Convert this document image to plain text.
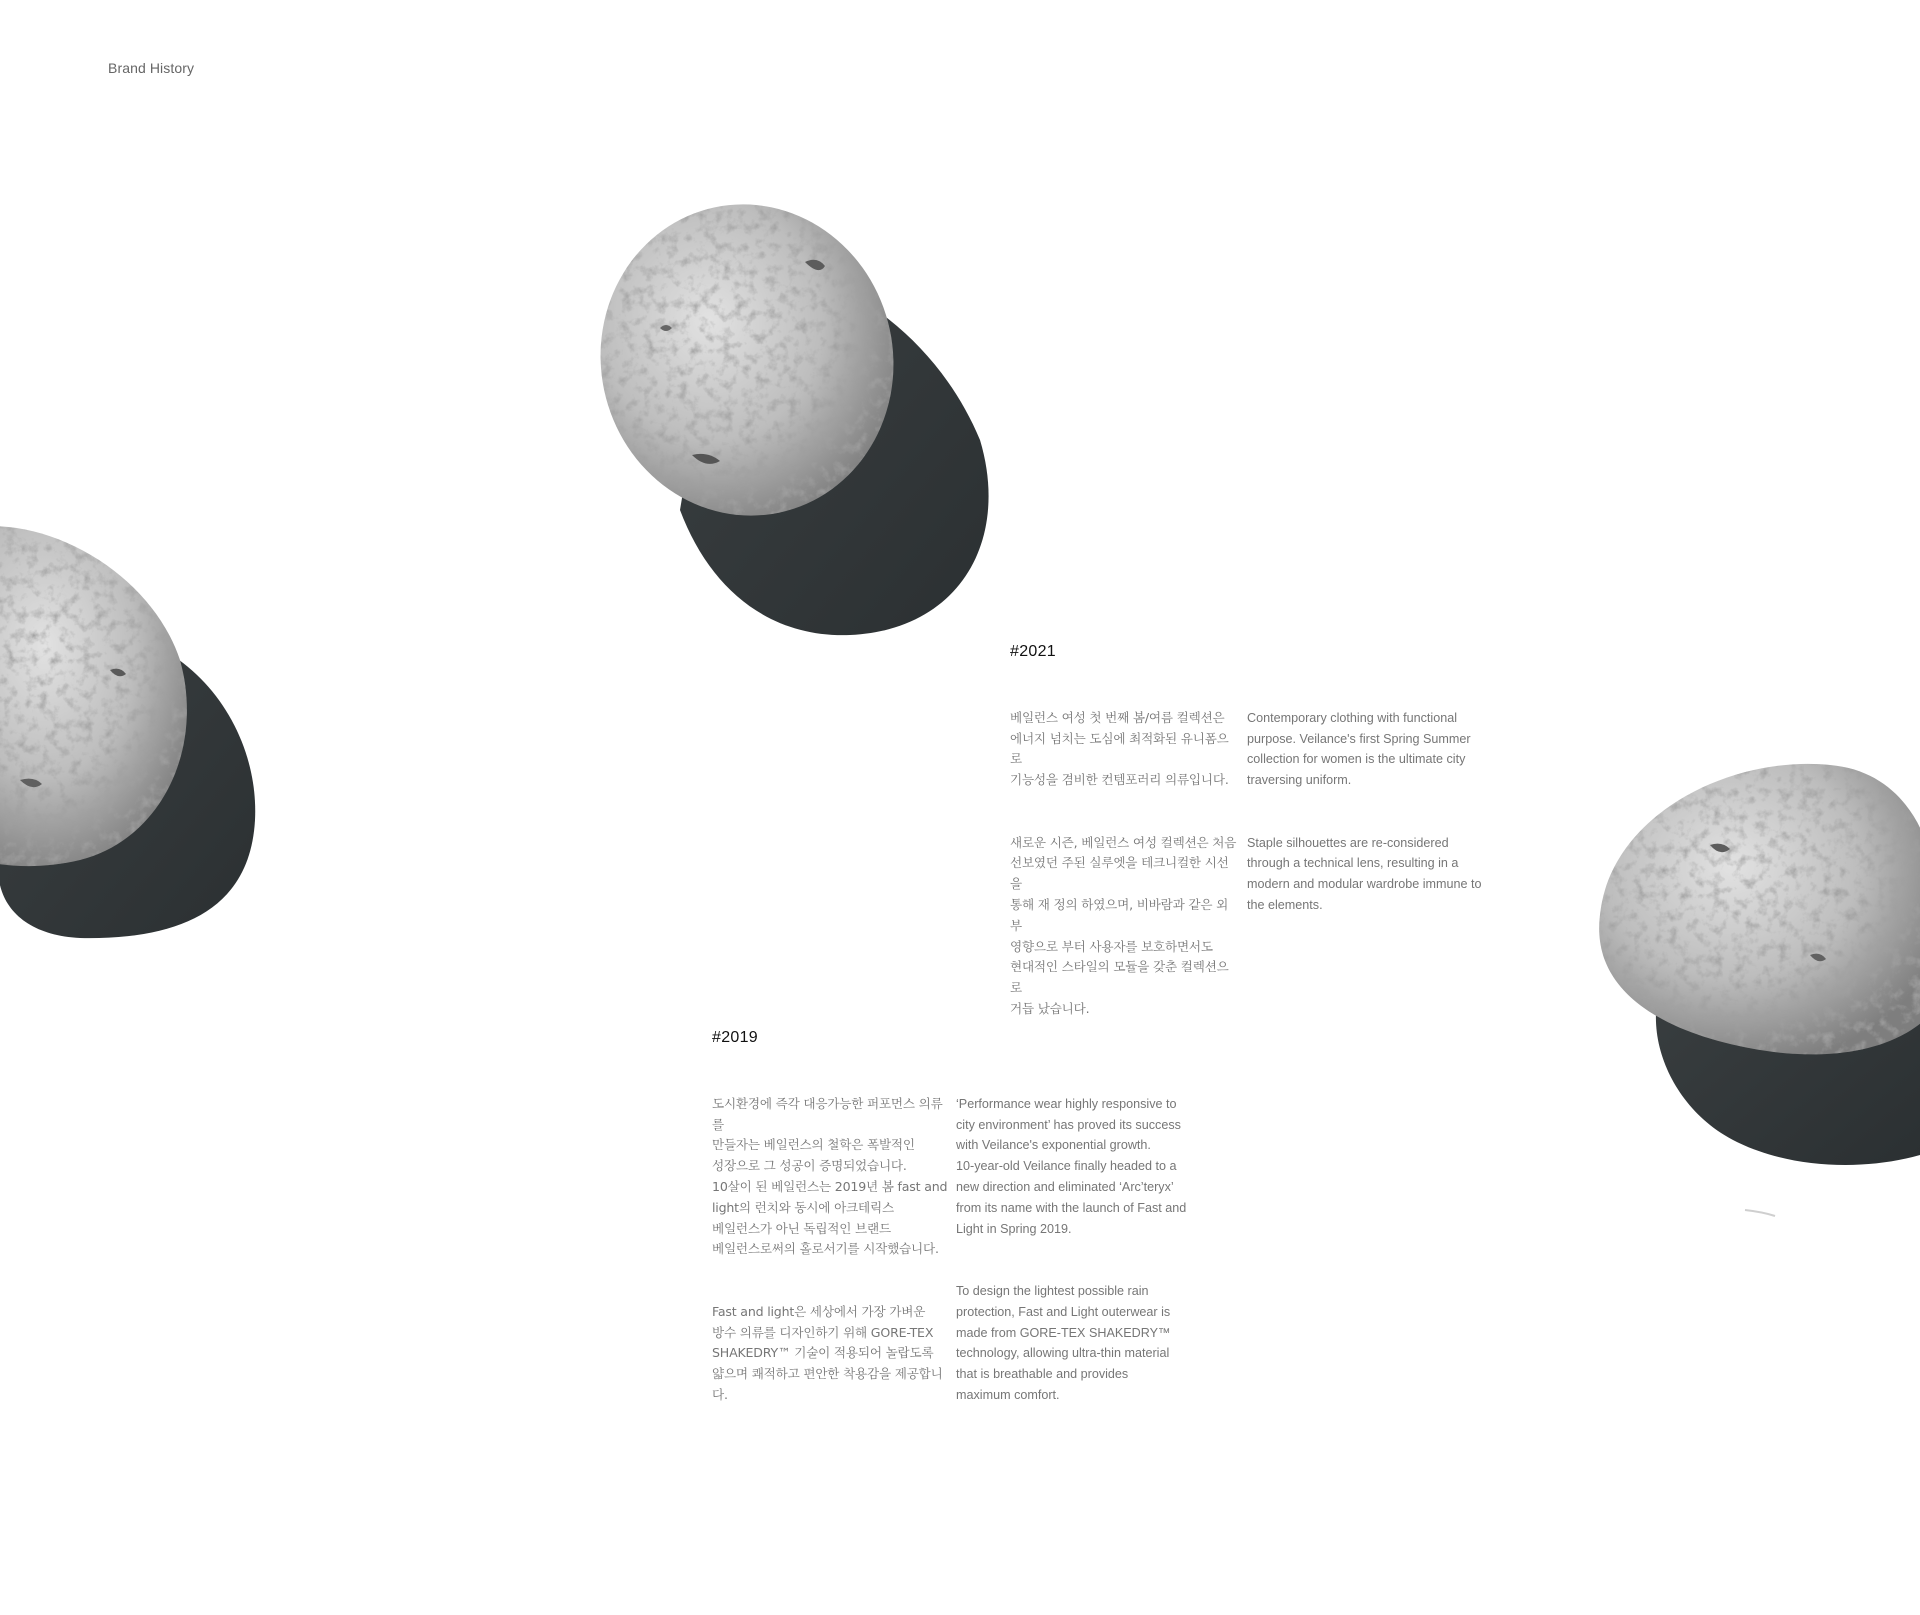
Brand History
#2021

베일런스 여성 첫 번째 봄/여름 컬렉션은
에너지 넘치는 도심에 최적화된 유니폼으로
기능성을 겸비한 컨템포러리 의류입니다.

새로운 시즌, 베일런스 여성 컬렉션은 처음
선보였던 주된 실루엣을 테크니컬한 시선을
통해 재 정의 하였으며, 비바람과 같은 외부
영향으로 부터 사용자를 보호하면서도
현대적인 스타일의 모듈을 갖춘 컬렉션으로
거듭 났습니다.

Contemporary clothing with functional
purpose. Veilance's first Spring Summer
collection for women is the ultimate city
traversing uniform.

Staple silhouettes are re-considered
through a technical lens, resulting in a
modern and modular wardrobe immune to
the elements.

#2019

도시환경에 즉각 대응가능한 퍼포먼스 의류를
만들자는 베일런스의 철학은 폭발적인
성장으로 그 성공이 증명되었습니다.
10살이 된 베일런스는 2019년 봄 fast and
light의 런치와 동시에 아크테릭스
베일런스가 아닌 독립적인 브랜드
베일런스로써의 홀로서기를 시작했습니다.

Fast and light은 세상에서 가장 가벼운
방수 의류를 디자인하기 위해 GORE-TEX
SHAKEDRY™ 기술이 적용되어 놀랍도록
얇으며 쾌적하고 편안한 착용감을 제공합니다.

‘Performance wear highly responsive to
city environment’ has proved its success
with Veilance's exponential growth.
10-year-old Veilance finally headed to a
new direction and eliminated ‘Arc’teryx’
from its name with the launch of Fast and
Light in Spring 2019.

To design the lightest possible rain
protection, Fast and Light outerwear is
made from GORE-TEX SHAKEDRY™
technology, allowing ultra-thin material
that is breathable and provides
maximum comfort.
